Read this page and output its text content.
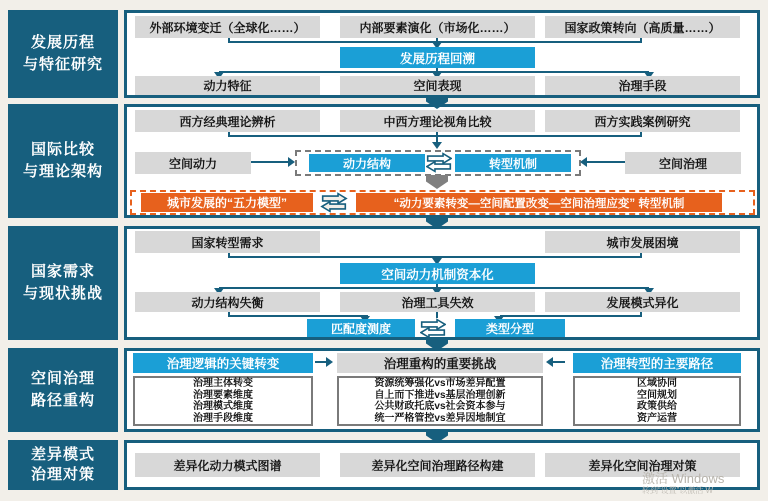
发展历程
与特征研究
外部环境变迁（全球化……）	内部要素演化（市场化……）	国家政策转向（高质量……）
发展历程回溯
动力特征	空间表现	治理手段
国际比较
与理论架构
西方经典理论辨析	中西方理论视角比较	西方实践案例研究
动力结构	转型机制
空间动力	空间治理
城市发展的“五力模型”	“动力要素转变—空间配置改变—空间治理应变” 转型机制
国家需求
与现状挑战
国家转型需求	城市发展困境
空间动力机制资本化
动力结构失衡	治理工具失效	发展模式异化
匹配度测度	类型分型
空间治理
路径重构
治理逻辑的关键转变
治理主体转变
治理要素维度
治理模式维度
治理手段维度
治理重构的重要挑战
资源统筹强化vs市场差异配置
自上而下推进vs基层治理创新
公共财政托底vs社会资本参与
统一严格管控vs差异因地制宜
治理转型的主要路径
区域协同
空间规划
政策供给
资产运营
差异模式
治理对策
差异化动力模式图谱	差异化空间治理路径构建	差异化空间治理对策
激活 Windows
转到“设置”以激活 W
